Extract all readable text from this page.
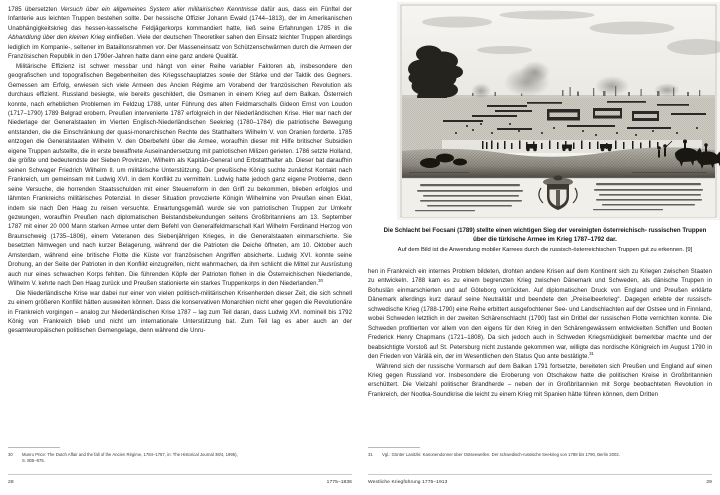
1785 übersetzten Versuch über ein allgemeines System aller militairischen Kenntnisse dafür aus, dass ein Fünftel der Infanterie aus leichten Truppen bestehen sollte. Der hessische Offizier Johann Ewald (1744–1813), der im Amerikanischen Unabhängigkeitskrieg das hessen-kasselsche Feldjägerkorps kommandiert hatte, ließ seine Erfahrungen 1785 in die Abhandlung über den kleinen Krieg einfließen. Viele der deutschen Theoretiker sahen den Einsatz leichter Truppen allerdings lediglich im Kompanie-, seltener im Bataillonsrahmen vor. Der Masseneinsatz von Schützenschwärmen durch die Armeen der Französischen Republik in den 1790er-Jahren hatte dann eine ganz andere Qualität.

Militärische Effizienz ist schwer messbar und hängt von einer Reihe variabler Faktoren ab, insbesondere den geografischen und topografischen Begebenheiten des Kriegsschauplatzes sowie der Stärke und der Taktik des Gegners. Gemessen am Erfolg, erwiesen sich viele Armeen des Ancien Régime am Vorabend der französischen Revolution als durchaus effizient. Russland besiegte, wie bereits geschildert, die Osmanen in einem Krieg auf dem Balkan. Österreich konnte, nach erheblichen Problemen im Feldzug 1788, unter Führung des alten Feldmarschalls Gideon Ernst von Loudon (1717–1790) 1789 Belgrad erobern. Preußen intervenierte 1787 erfolgreich in der Niederländischen Krise. Hier war nach der Niederlage der Generalstaaten im Vierten Englisch-Niederländischen Seekrieg (1780–1784) die patriotische Bewegung entstanden, die die Einschränkung der quasi-monarchischen Rechte des Statthalters Wilhelm V. von Oranien forderte. 1785 entzogen die Generalstaaten Wilhelm V. den Oberbefehl über die Armee, woraufhin dieser mit Hilfe britischer Subsidien eigene Truppen aufstellte, die in erste bewaffnete Auseinandersetzung mit patriotischen Milizen gerieten. 1786 setzte Holland, die größte und bedeutendste der Sieben Provinzen, Wilhelm als Kapitän-General und Erbstatthalter ab. Dieser bat daraufhin seinen Schwager Friedrich Wilhelm II. um militärische Unterstützung. Der preußische König suchte zunächst Kontakt nach Frankreich, um gemeinsam mit Ludwig XVI. in dem Konflikt zu vermitteln. Ludwig hatte jedoch ganz eigene Probleme, denn seine Versuche, die horrenden Staatsschulden mit einer Steuerreform in den Griff zu bekommen, blieben erfolglos und lähmten Frankreichs militärisches Potenzial. In dieser Situation provozierte Königin Wilhelmine von Preußen einen Eklat, indem sie nach Den Haag zu reisen versuchte. Erwartungsgemäß wurde sie von patriotischen Truppen zur Umkehr gezwungen, woraufhin Preußen nach diplomatischen Beistandsbekundungen seitens Großbritanniens am 13. September 1787 mit einer 20 000 Mann starken Armee unter dem Befehl von Generalfeldmarschall Karl Wilhelm Ferdinand Herzog von Braunschweig (1735–1806), einem Veteranen des Siebenjährigen Krieges, in die Generalstaaten einmarschierte. Sie besetzten Nimwegen und nach kurzer Belagerung, während der die Patrioten die Deiche öffneten, am 10. Oktober auch Amsterdam, während eine britische Flotte die Küste vor französischen Angriffen absicherte. Ludwig XVI. konnte seine Drohung, an der Seite der Patrioten in den Konflikt einzugreifen, nicht wahrmachen, da ihm schlicht die Mittel zur Ausrüstung auch nur eines schwachen Korps fehlten. Die führenden Köpfe der Patrioten flohen in die Österreichischen Niederlande, Wilhelm V. kehrte nach Den Haag zurück und Preußen stationierte ein starkes Truppenkorps in den Niederlanden.$^{30}$

Die Niederländische Krise war dabei nur einer von vielen politisch-militärischen Krisenherden dieser Zeit, die sich schnell zu einem größeren Konflikt hätten ausweiten können. Dass die konservativen Monarchien nicht eher gegen die Revolutionäre in Frankreich vorgingen – analog zur Niederländischen Krise 1787 – lag zum Teil daran, dass Ludwig XVI. nominell bis 1792 König von Frankreich blieb und nicht um internationale Unterstützung bat. Zum Teil lag es aber auch an der gesamteuropäischen politischen Gemengelage, denn während die Unru-

30	Munro Price: The Dutch Affair and the fall of the Ancien Régime, 1784–1787, in: The Historical Journal 38/4, 1995),
S. 805–875.
28	1775–1836
Die Schlacht bei Focsani (1789) stellte einen wichtigen Sieg der vereinigten österreichisch- russischen Truppen über die türkische Armee im Krieg 1787–1792 dar.
Auf dem Bild ist die Anwendung mobiler Karrees durch die russisch-österreichischen Truppen gut zu erkennen. [9]

hen in Frankreich ein internes Problem bildeten, drohten andere Krisen auf dem Kontinent sich zu Kriegen zwischen Staaten zu entwickeln. 1788 kam es zu einem begrenzten Krieg zwischen Dänemark und Schweden, als dänische Truppen in Bohuslän einmarschierten und auf Göteborg vorrückten. Auf diplomatischen Druck von England und Preußen erklärte Dänemark allerdings kurz darauf seine Neutralität und beendete den „Preiselbeerkrieg“. Dagegen erlebte der russisch-schwedische Krieg (1788-1790) eine Reihe erbittert ausgefochtener See- und Landschlachten auf der Ostsee und in Finnland, wobei Schweden letztlich in der zweiten Schärenschlacht (1790) fast ein Drittel der russischen Flotte vernichten konnte. Die Schweden profitierten vor allem von den eigens für den Krieg in den Schärengewässern entwickelten Schiffen und Booten Frederick Henry Chapmans (1721–1808). Da sich jedoch auch in Schweden Kriegsmüdigkeit bemerkbar machte und der beabsichtigte Vorstoß auf St. Petersburg nicht zustande gekommen war, willigte das nordische Königreich im August 1790 in den Frieden von Värälä ein, der im Wesentlichen den Status Quo ante bestätigte.$^{31}$

Während sich der russische Vormarsch auf dem Balkan 1791 fortsetzte, bereiteten sich Preußen und England auf einen Krieg gegen Russland vor. Insbesondere die Eroberung von Otschakow hatte die politischen Kreise in Großbritannien erschüttert. Die Vielzahl politischer Brandherde – neben der in Großbritannien mit Sorge beobachteten Revolution in Frankreich, der Nootka-Soundkrise die leicht zu einem Krieg mit Spanien hätte führen können, dem Dritten

31	Vgl.: Günter Lanitzki: Kanonendonner über Ostseewellen. Der schwedisch-russische Seekrieg von 1788 bis 1790, Berlin 2002.
Westliche Kriegführung 1775–1913	29
